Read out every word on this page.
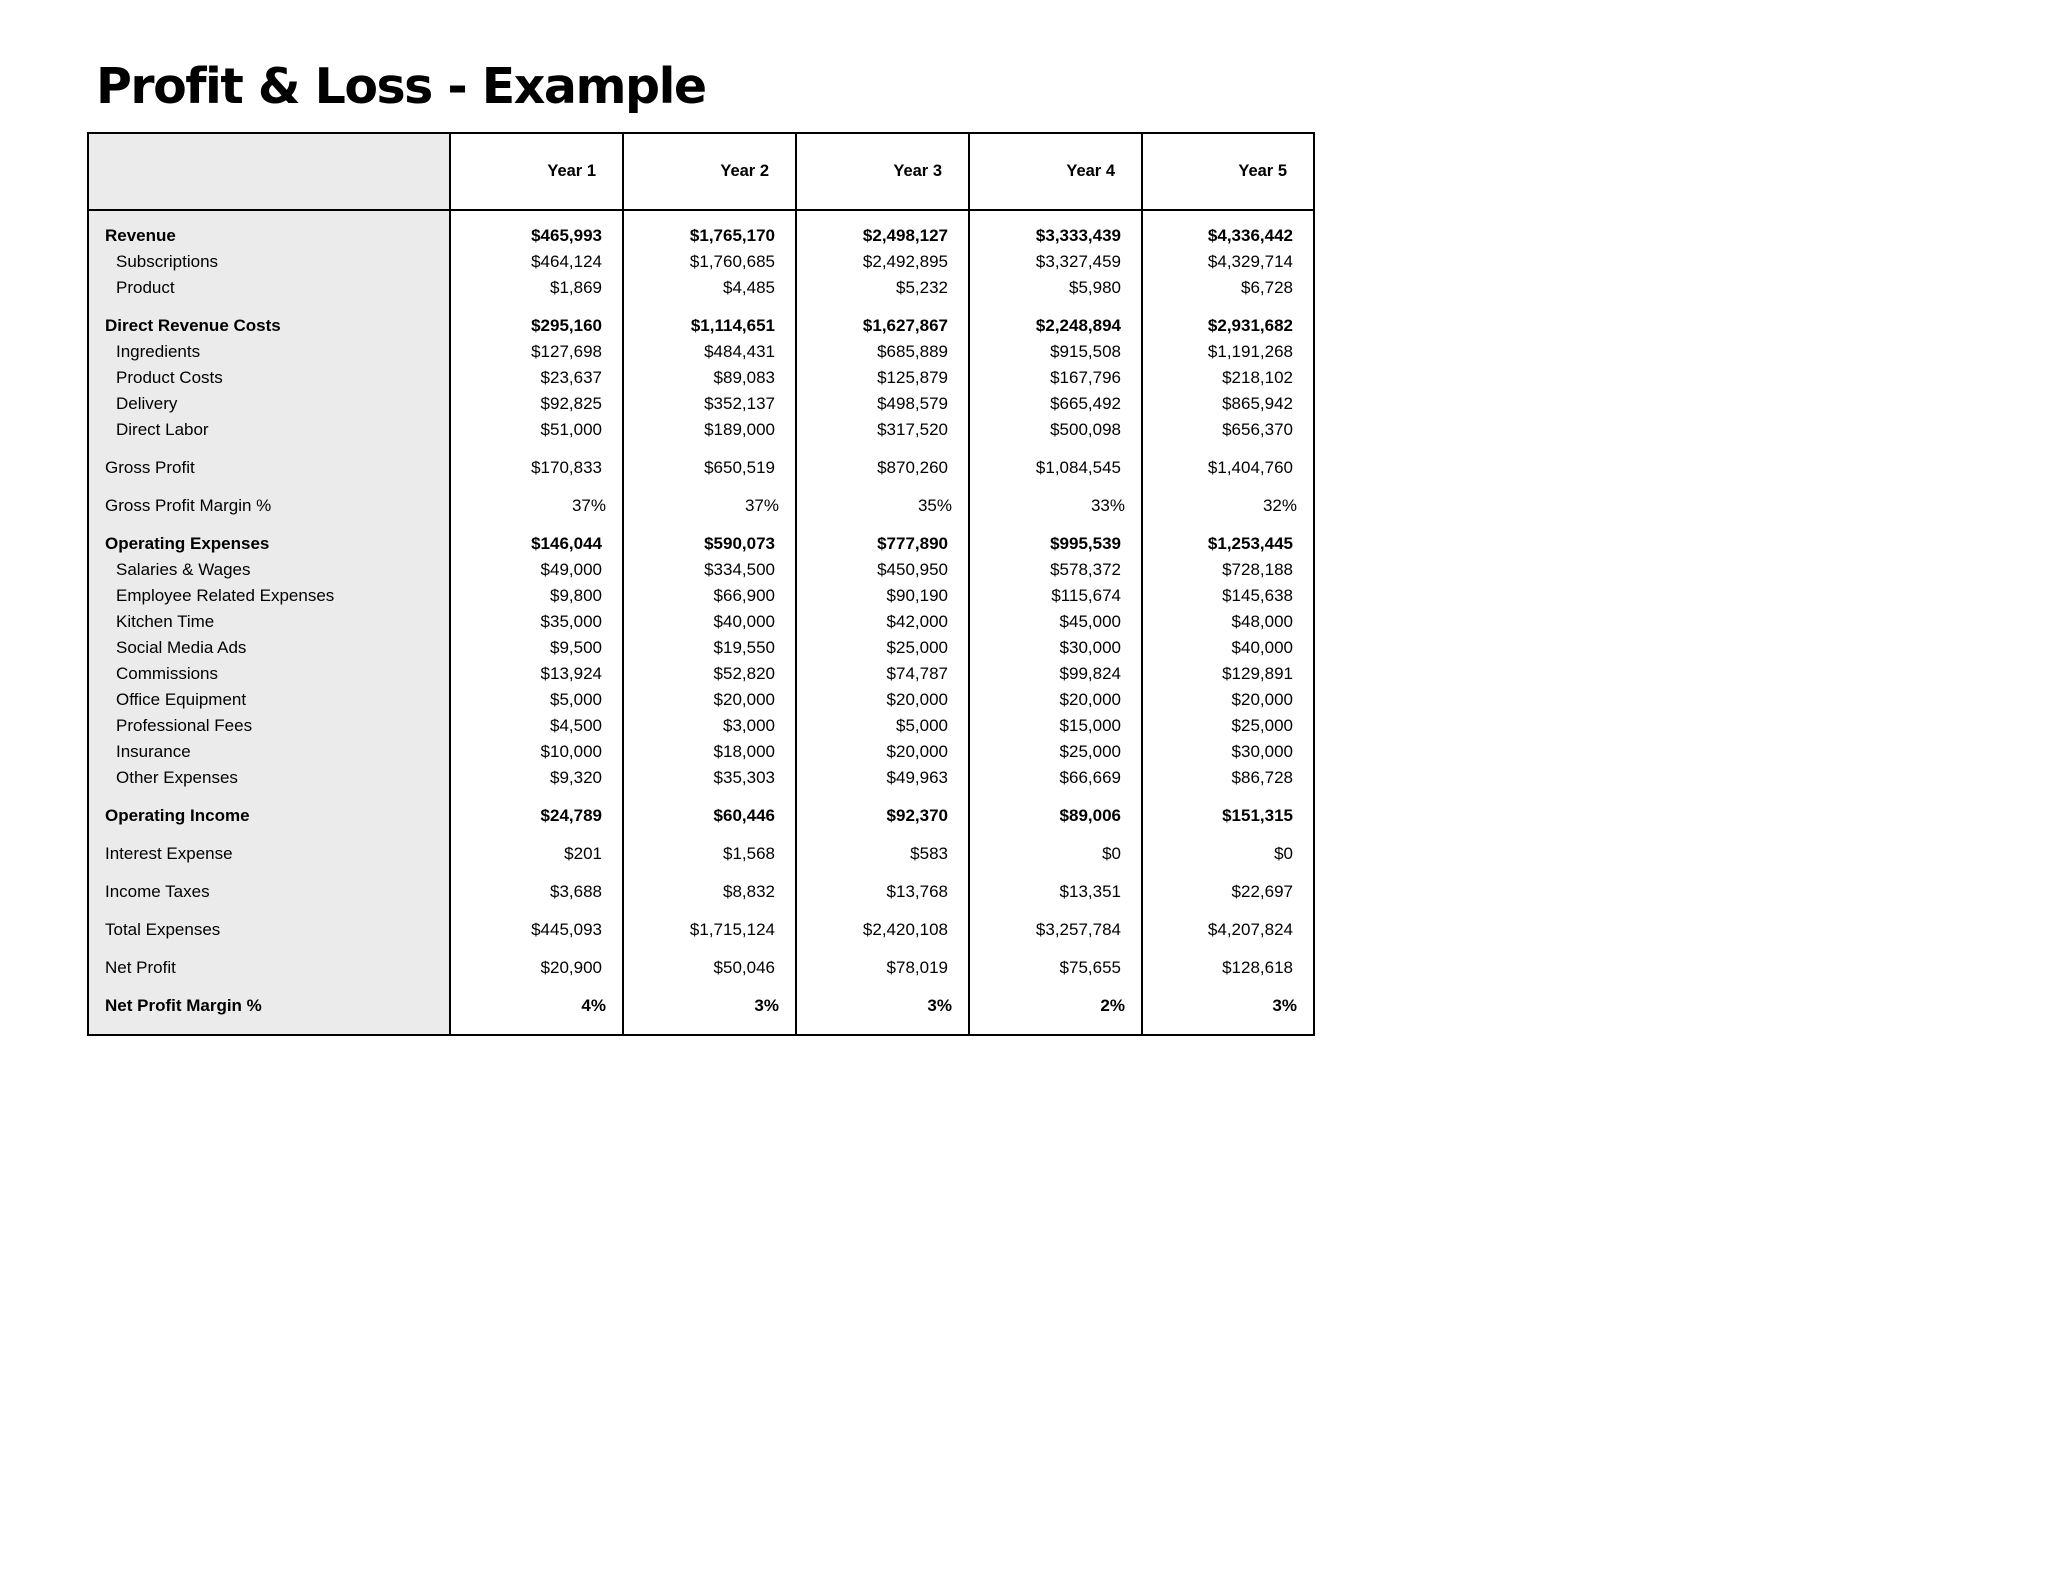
Profit & Loss - Example
Revenue
Subscriptions
Product
Direct Revenue Costs
Ingredients
Product Costs
Delivery
Direct Labor
Gross Profit
Gross Profit Margin %
Operating Expenses
Salaries & Wages
Employee Related Expenses
Kitchen Time
Social Media Ads
Commissions
Office Equipment
Professional Fees
Insurance
Other Expenses
Operating Income
Interest Expense
Income Taxes
Total Expenses
Net Profit
Net Profit Margin %
Year 1
$465,993
$464,124
$1,869
$295,160
$127,698
$23,637
$92,825
$51,000
$170,833
37%
$146,044
$49,000
$9,800
$35,000
$9,500
$13,924
$5,000
$4,500
$10,000
$9,320
$24,789
$201
$3,688
$445,093
$20,900
4%
Year 2
$1,765,170
$1,760,685
$4,485
$1,114,651
$484,431
$89,083
$352,137
$189,000
$650,519
37%
$590,073
$334,500
$66,900
$40,000
$19,550
$52,820
$20,000
$3,000
$18,000
$35,303
$60,446
$1,568
$8,832
$1,715,124
$50,046
3%
Year 3
$2,498,127
$2,492,895
$5,232
$1,627,867
$685,889
$125,879
$498,579
$317,520
$870,260
35%
$777,890
$450,950
$90,190
$42,000
$25,000
$74,787
$20,000
$5,000
$20,000
$49,963
$92,370
$583
$13,768
$2,420,108
$78,019
3%
Year 4
$3,333,439
$3,327,459
$5,980
$2,248,894
$915,508
$167,796
$665,492
$500,098
$1,084,545
33%
$995,539
$578,372
$115,674
$45,000
$30,000
$99,824
$20,000
$15,000
$25,000
$66,669
$89,006
$0
$13,351
$3,257,784
$75,655
2%
Year 5
$4,336,442
$4,329,714
$6,728
$2,931,682
$1,191,268
$218,102
$865,942
$656,370
$1,404,760
32%
$1,253,445
$728,188
$145,638
$48,000
$40,000
$129,891
$20,000
$25,000
$30,000
$86,728
$151,315
$0
$22,697
$4,207,824
$128,618
3%
